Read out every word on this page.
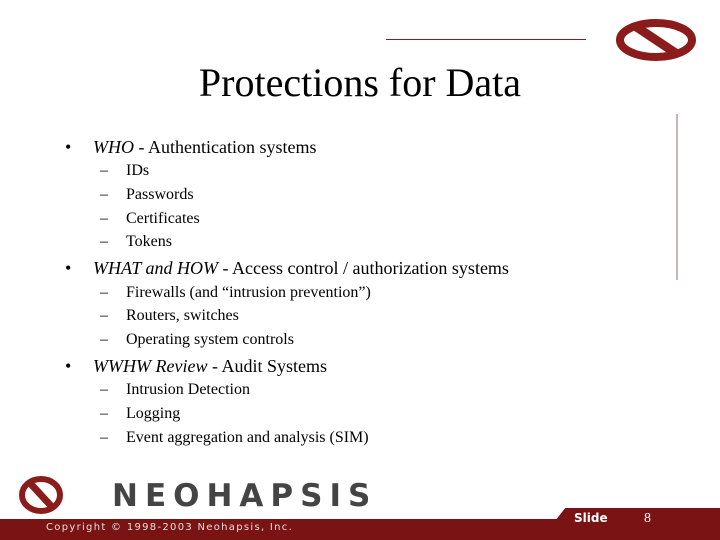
Protections for Data
• WHO - Authentication systems
– IDs
– Passwords
– Certificates
– Tokens
• WHAT and HOW - Access control / authorization systems
– Firewalls (and “intrusion prevention”)
– Routers, switches
– Operating system controls
• WWHW Review - Audit Systems
– Intrusion Detection
– Logging
– Event aggregation and analysis (SIM)
NEOHAPSIS
Copyright © 1998-2003 Neohapsis, Inc.
Slide	8
